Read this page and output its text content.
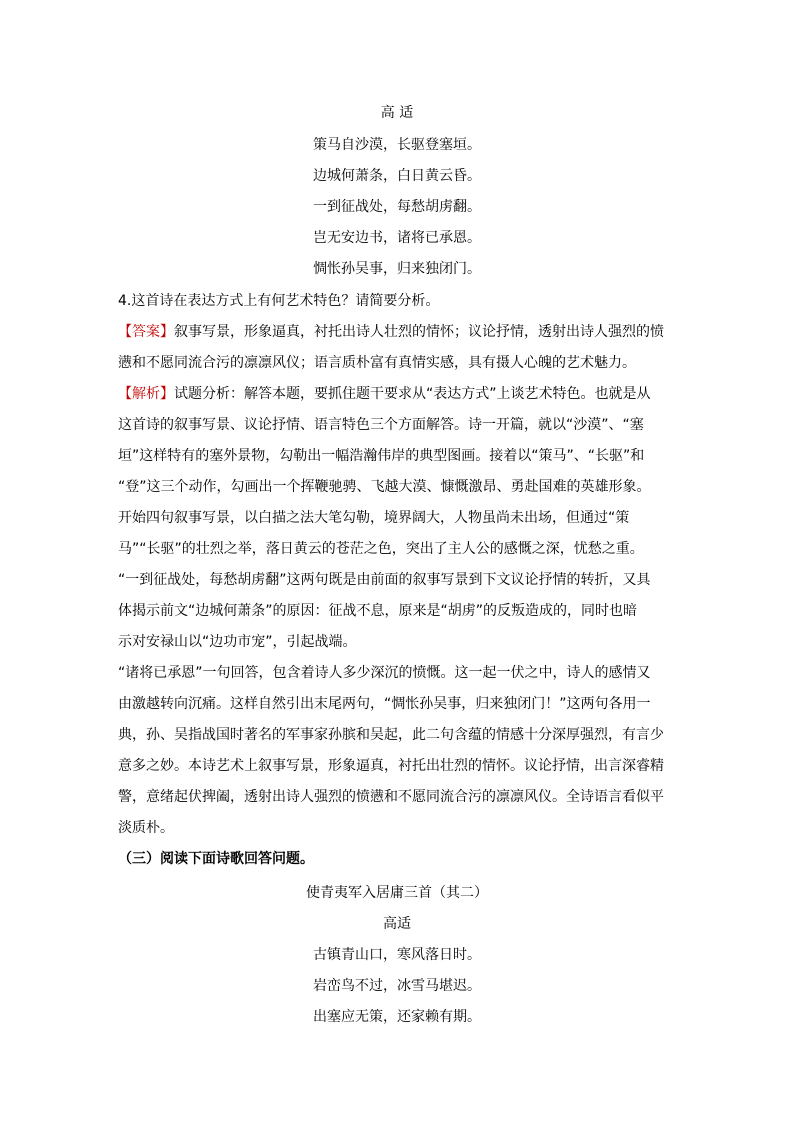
高 适
策马自沙漠，长驱登塞垣。
边城何萧条，白日黄云昏。
一到征战处，每愁胡虏翻。
岂无安边书，诸将已承恩。
惆怅孙吴事，归来独闭门。
4.这首诗在表达方式上有何艺术特色？请简要分析。
【答案】叙事写景，形象逼真，衬托出诗人壮烈的情怀；议论抒情，透射出诗人强烈的愤
懑和不愿同流合污的凛凛风仪；语言质朴富有真情实感，具有摄人心魄的艺术魅力。
【解析】试题分析：解答本题，要抓住题干要求从“表达方式”上谈艺术特色。也就是从
这首诗的叙事写景、议论抒情、语言特色三个方面解答。诗一开篇，就以“沙漠”、“塞
垣”这样特有的塞外景物，勾勒出一幅浩瀚伟岸的典型图画。接着以“策马”、“长驱”和
“登”这三个动作，勾画出一个挥鞭驰骋、飞越大漠、慷慨激昂、勇赴国难的英雄形象。
开始四句叙事写景，以白描之法大笔勾勒，境界阔大，人物虽尚未出场，但通过“策
马”“长驱”的壮烈之举，落日黄云的苍茫之色，突出了主人公的感慨之深，忧愁之重。
“一到征战处，每愁胡虏翻”这两句既是由前面的叙事写景到下文议论抒情的转折，又具
体揭示前文“边城何萧条”的原因：征战不息，原来是“胡虏”的反叛造成的，同时也暗
示对安禄山以“边功市宠”，引起战端。
“诸将已承恩”一句回答，包含着诗人多少深沉的愤慨。这一起一伏之中，诗人的感情又
由激越转向沉痛。这样自然引出末尾两句，“惆怅孙吴事，归来独闭门！”这两句各用一
典，孙、吴指战国时著名的军事家孙膑和吴起，此二句含蕴的情感十分深厚强烈，有言少
意多之妙。本诗艺术上叙事写景，形象逼真，衬托出壮烈的情怀。议论抒情，出言深睿精
警，意绪起伏捭阖，透射出诗人强烈的愤懑和不愿同流合污的凛凛风仪。全诗语言看似平
淡质朴。
（三）阅读下面诗歌回答问题。
使青夷军入居庸三首（其二）
高适
古镇青山口，寒风落日时。
岩峦鸟不过，冰雪马堪迟。
出塞应无策，还家赖有期。
